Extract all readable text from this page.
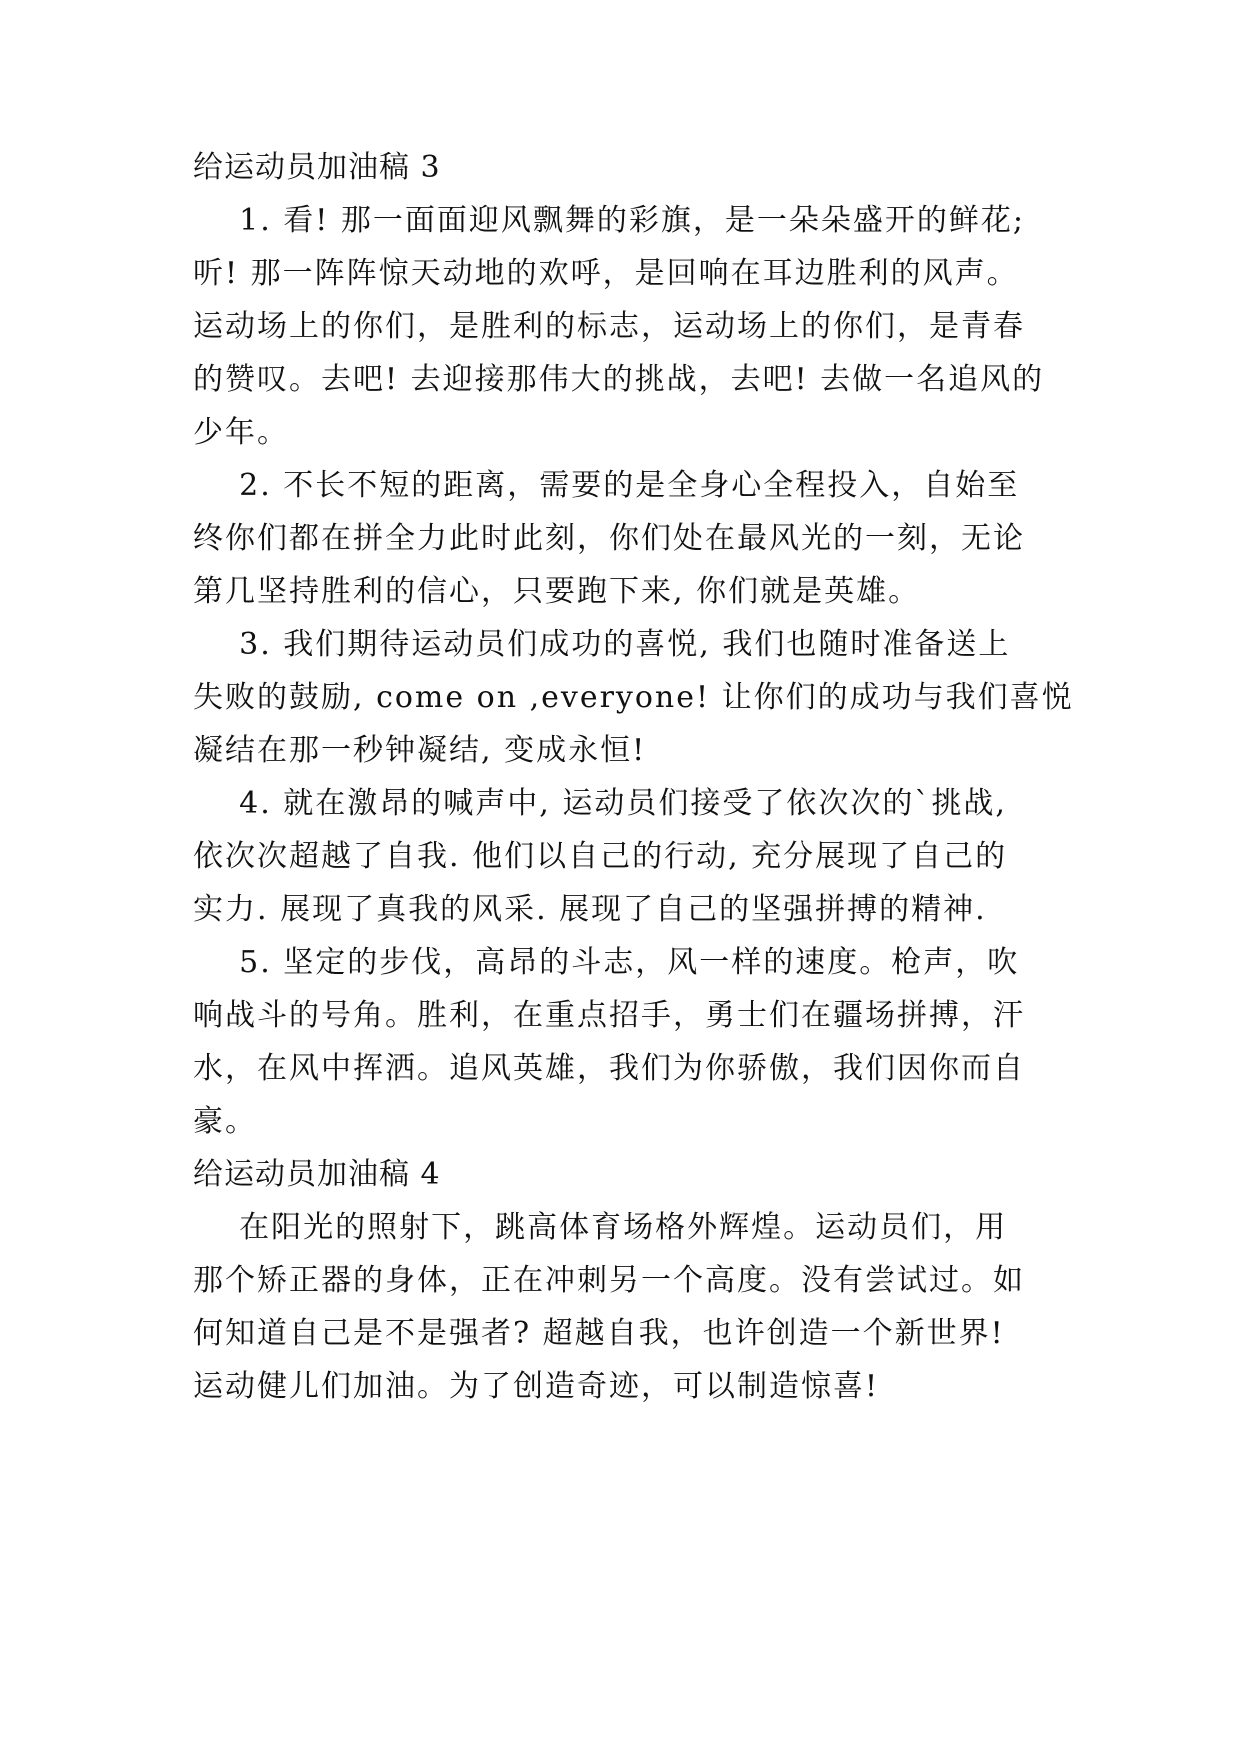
给运动员加油稿 3
1. 看! 那一面面迎风飘舞的彩旗，是一朵朵盛开的鲜花;
听! 那一阵阵惊天动地的欢呼，是回响在耳边胜利的风声。
运动场上的你们，是胜利的标志，运动场上的你们，是青春
的赞叹。去吧! 去迎接那伟大的挑战，去吧! 去做一名追风的
少年。
2. 不长不短的距离，需要的是全身心全程投入，自始至
终你们都在拼全力此时此刻，你们处在最风光的一刻，无论
第几坚持胜利的信心，只要跑下来, 你们就是英雄。
3. 我们期待运动员们成功的喜悦, 我们也随时准备送上
失败的鼓励, come on ,everyone! 让你们的成功与我们喜悦
凝结在那一秒钟凝结, 变成永恒!
4. 就在激昂的喊声中, 运动员们接受了依次次的`挑战,
依次次超越了自我. 他们以自己的行动, 充分展现了自己的
实力. 展现了真我的风采. 展现了自己的坚强拼搏的精神.
5. 坚定的步伐，高昂的斗志，风一样的速度。枪声，吹
响战斗的号角。胜利，在重点招手，勇士们在疆场拼搏，汗
水，在风中挥洒。追风英雄，我们为你骄傲，我们因你而自
豪。
给运动员加油稿 4
在阳光的照射下，跳高体育场格外辉煌。运动员们，用
那个矫正器的身体，正在冲刺另一个高度。没有尝试过。如
何知道自己是不是强者? 超越自我，也许创造一个新世界!
运动健儿们加油。为了创造奇迹，可以制造惊喜!
